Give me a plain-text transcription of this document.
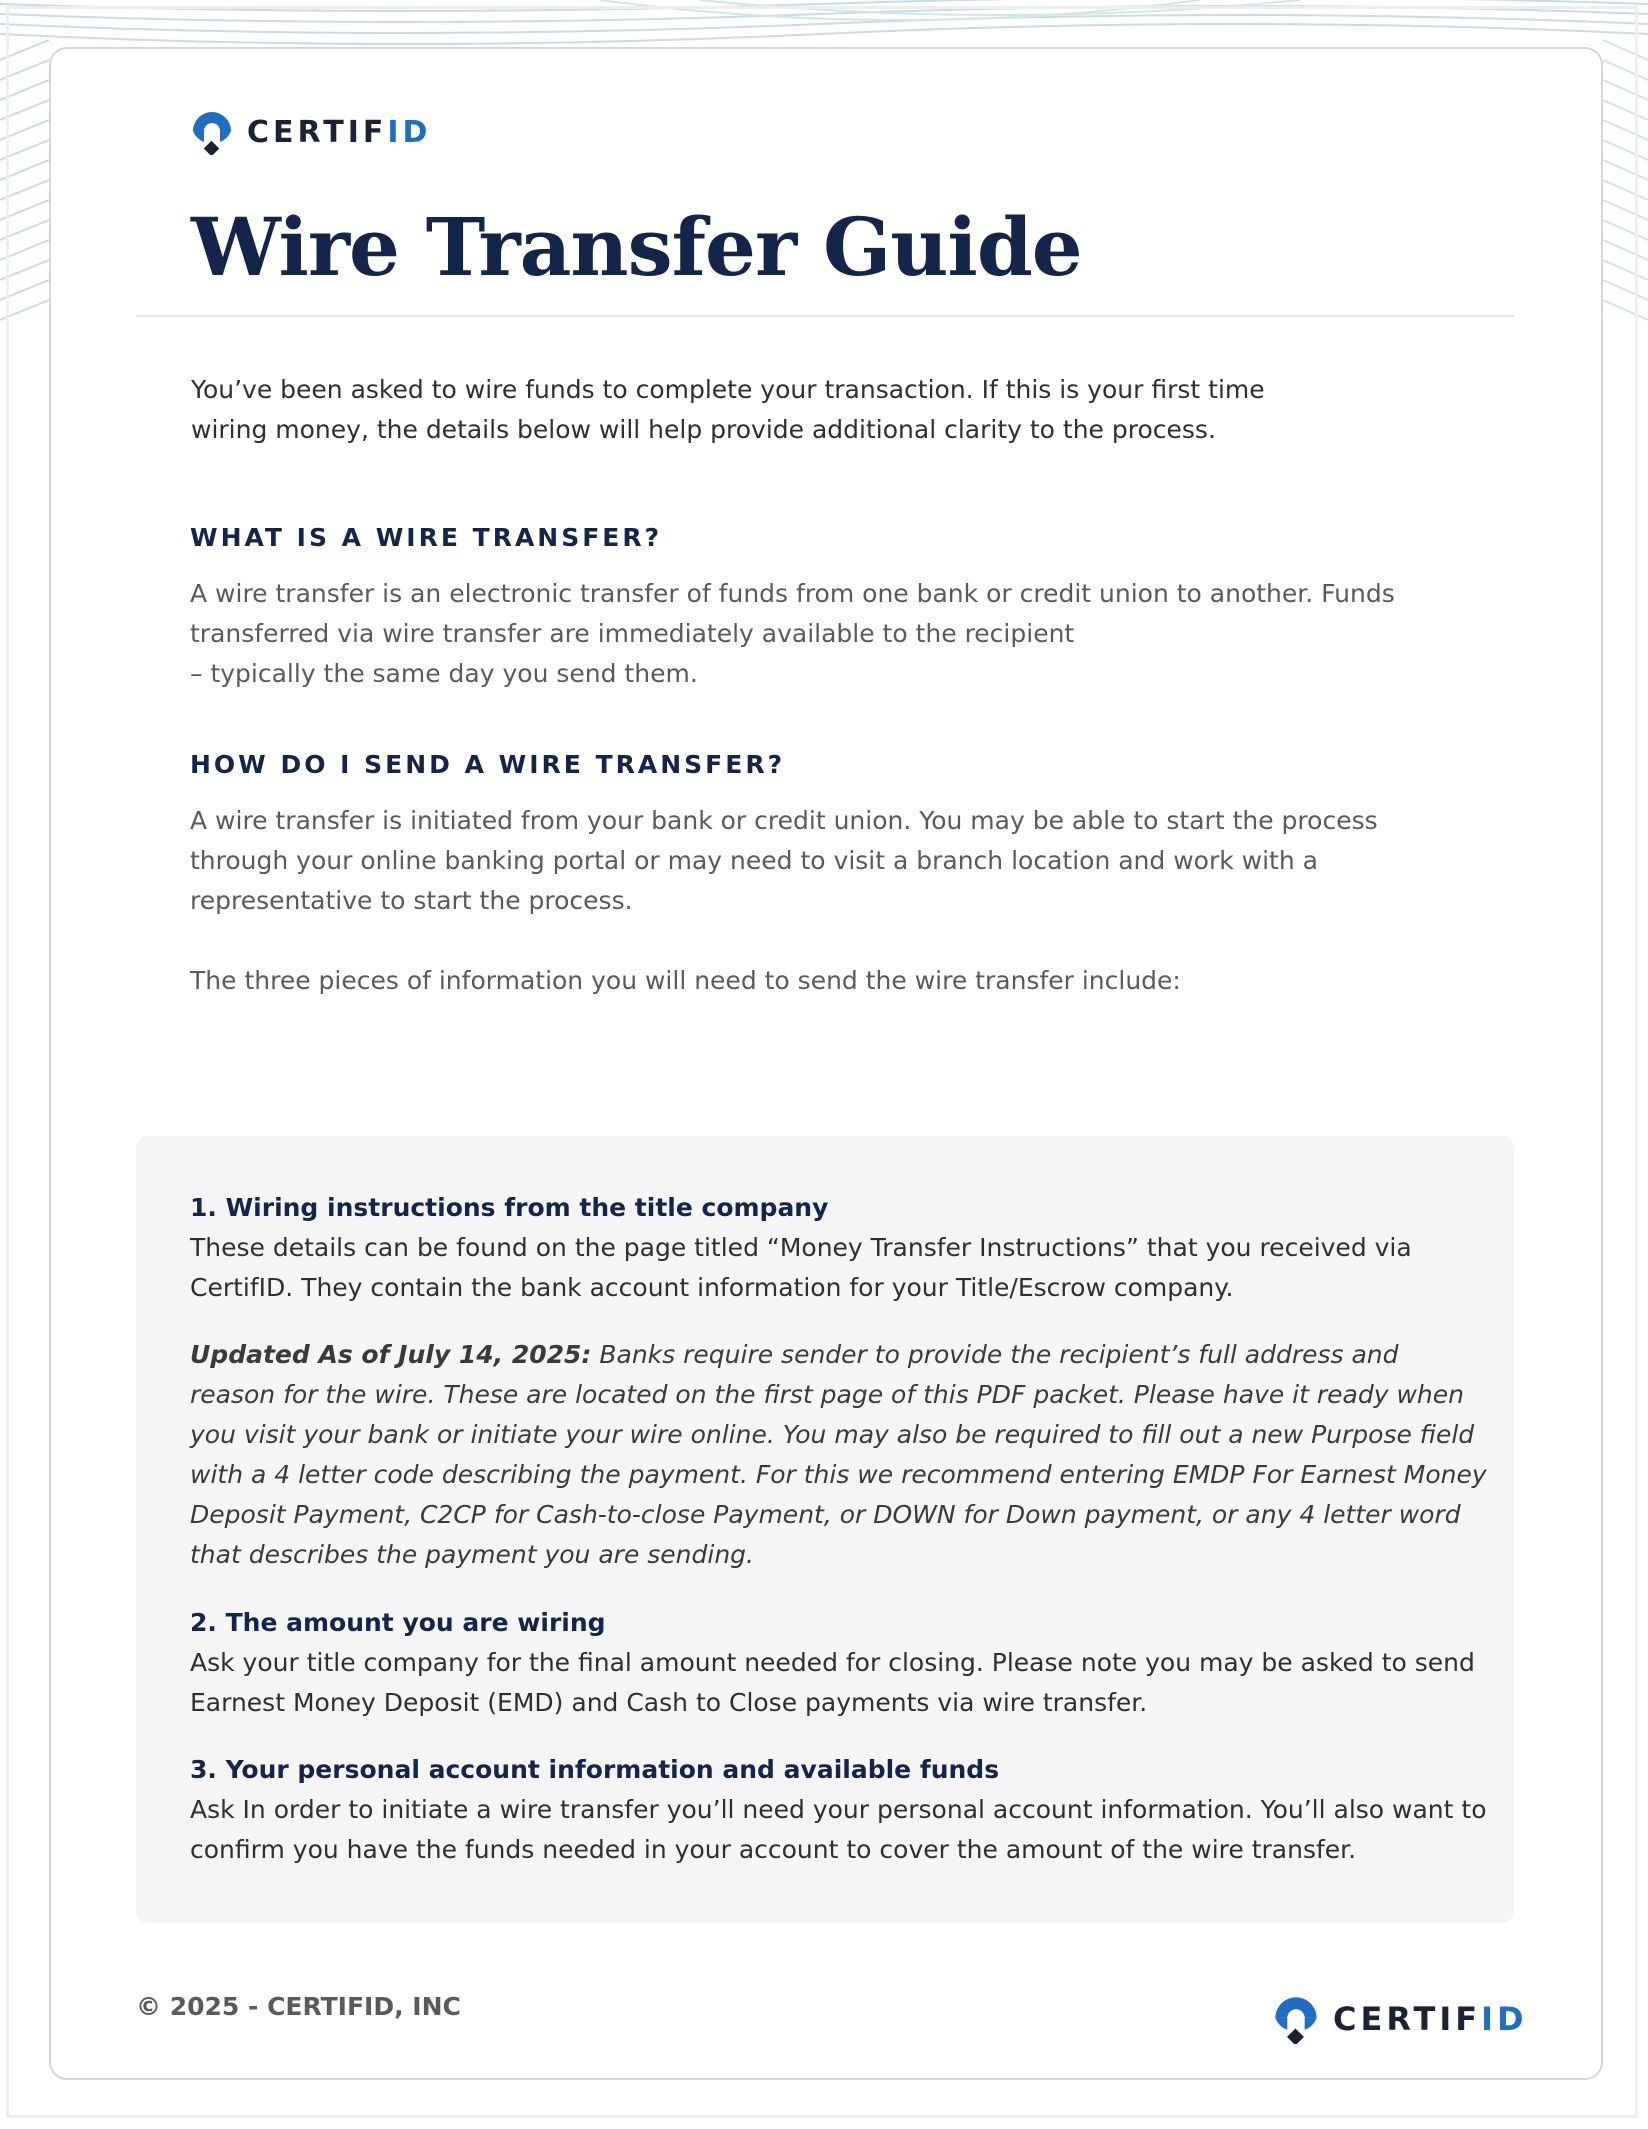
CERTIFID
Wire Transfer Guide

You’ve been asked to wire funds to complete your transaction. If this is your first time wiring money, the details below will help provide additional clarity to the process.

WHAT IS A WIRE TRANSFER?

A wire transfer is an electronic transfer of funds from one bank or credit union to another. Funds transferred via wire transfer are immediately available to the recipient
– typically the same day you send them.

HOW DO I SEND A WIRE TRANSFER?

A wire transfer is initiated from your bank or credit union. You may be able to start the process through your online banking portal or may need to visit a branch location and work with a representative to start the process.

The three pieces of information you will need to send the wire transfer include:

1. Wiring instructions from the title company

These details can be found on the page titled “Money Transfer Instructions” that you received via CertifID. They contain the bank account information for your Title/Escrow company.

Updated As of July 14, 2025: Banks require sender to provide the recipient’s full address and reason for the wire. These are located on the first page of this PDF packet. Please have it ready when you visit your bank or initiate your wire online. You may also be required to fill out a new Purpose field with a 4 letter code describing the payment. For this we recommend entering EMDP For Earnest Money Deposit Payment, C2CP for Cash-to-close Payment, or DOWN for Down payment, or any 4 letter word that describes the payment you are sending.

2. The amount you are wiring

Ask your title company for the final amount needed for closing. Please note you may be asked to send Earnest Money Deposit (EMD) and Cash to Close payments via wire transfer.

3. Your personal account information and available funds

Ask In order to initiate a wire transfer you’ll need your personal account information. You’ll also want to confirm you have the funds needed in your account to cover the amount of the wire transfer.

© 2025 - CERTIFID, INC	CERTIFID
